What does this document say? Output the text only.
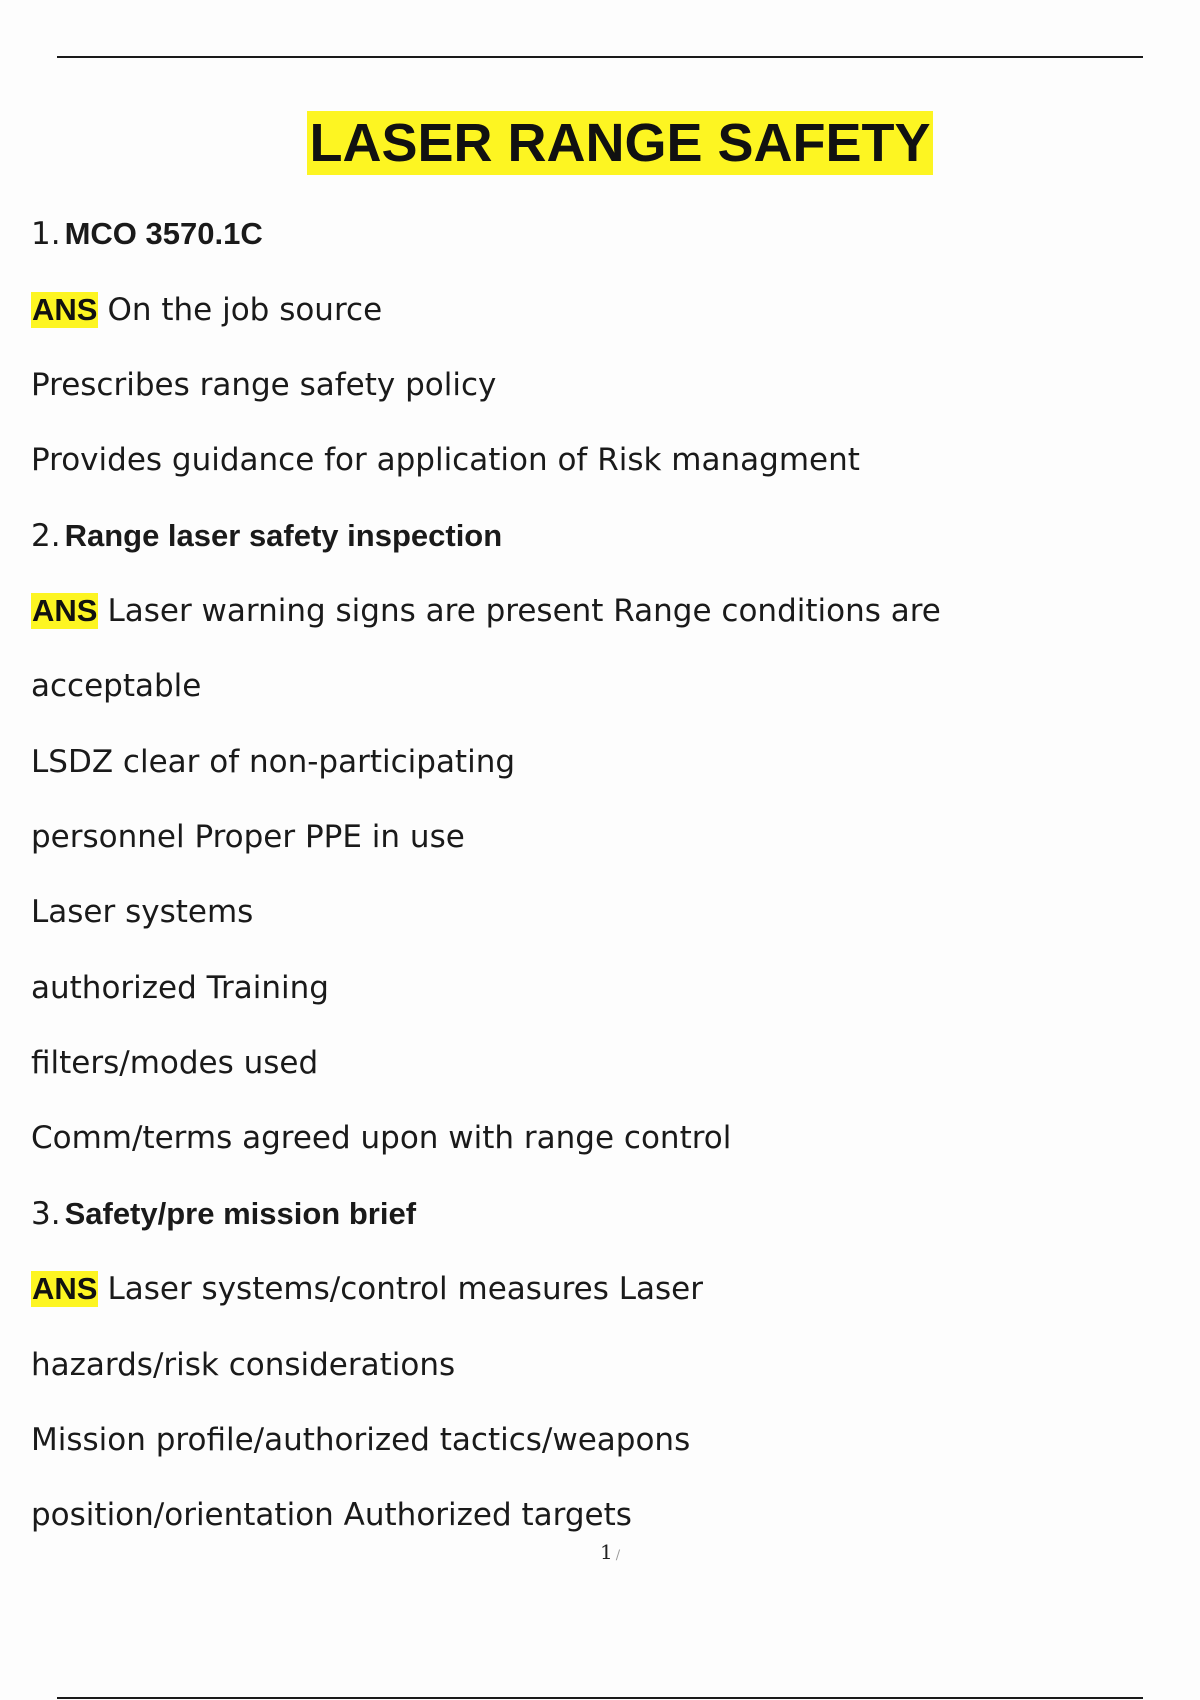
LASER RANGE SAFETY
1. MCO 3570.1C
ANS On the job source
Prescribes range safety policy
Provides guidance for application of Risk managment
2. Range laser safety inspection
ANS Laser warning signs are present Range conditions are
acceptable
LSDZ clear of non-participating
personnel Proper PPE in use
Laser systems
authorized Training
filters/modes used
Comm/terms agreed upon with range control
3. Safety/pre mission brief
ANS Laser systems/control measures Laser
hazards/risk considerations
Mission profile/authorized tactics/weapons
position/orientation Authorized targets
1 /
